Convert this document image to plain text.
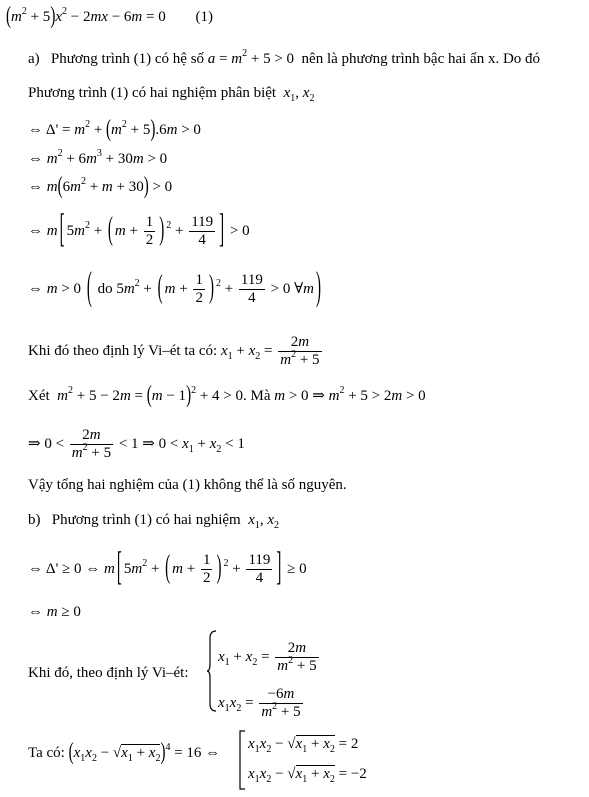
$(m^2 + 5)x^2 - 2mx - 6m = 0$ (1)
a) Phương trình (1) có hệ số $a = m^2 + 5 > 0$  nên là phương trình bậc hai ẩn x. Do đó
Phương trình (1) có hai nghiệm phân biệt $x_1$, $x_2$
⇔ $\Delta' = m^2 + (m^2 + 5).6m > 0$
⇔ $m^2 + 6m^3 + 30m > 0$
⇔ $m(6m^2 + m + 30) > 0$
⇔ m [ $5m^2$ + ( $m + \frac{1}{2}$ ) $^2 + \frac{119}{4}$ ] > 0
⇔ m > 0 ( do $5m^2$ + ( $m + \frac{1}{2}$ ) $^2 + \frac{119}{4} > 0$ ∀m )
Khi đó theo định lý Vi–ét ta có: $x_1 + x_2 = \frac{2m}{m^2 + 5}$
Xét $m^2 + 5 - 2m = (m - 1)^2 + 4 > 0$. Mà m > 0 ⇒ $m^2 + 5 > 2m > 0$
⇒ $0 < \frac{2m}{m^2 + 5} < 1$ ⇒ $0 < x_1 + x_2 < 1$
Vậy tổng hai nghiệm của (1) không thể là số nguyên.
b) Phương trình (1) có hai nghiệm $x_1$, $x_2$
⇔ Δ' ≥ 0 ⇔ m [ $5m^2$ + ( $m + \frac{1}{2}$ ) $^2 + \frac{119}{4}$ ] ≥ 0
⇔ m ≥ 0
Khi đó, theo định lý Vi–ét:
$x_1 + x_2 = \frac{2m}{m^2 + 5}$
$x_1x_2 = \frac{-6m}{m^2 + 5}$
Ta có: $(x_1x_2 - √x_1 + x_2)^4 = 16$ ⇔
$x_1x_2 - √x_1 + x_2 = 2$
$x_1x_2 - √x_1 + x_2 = -2$
